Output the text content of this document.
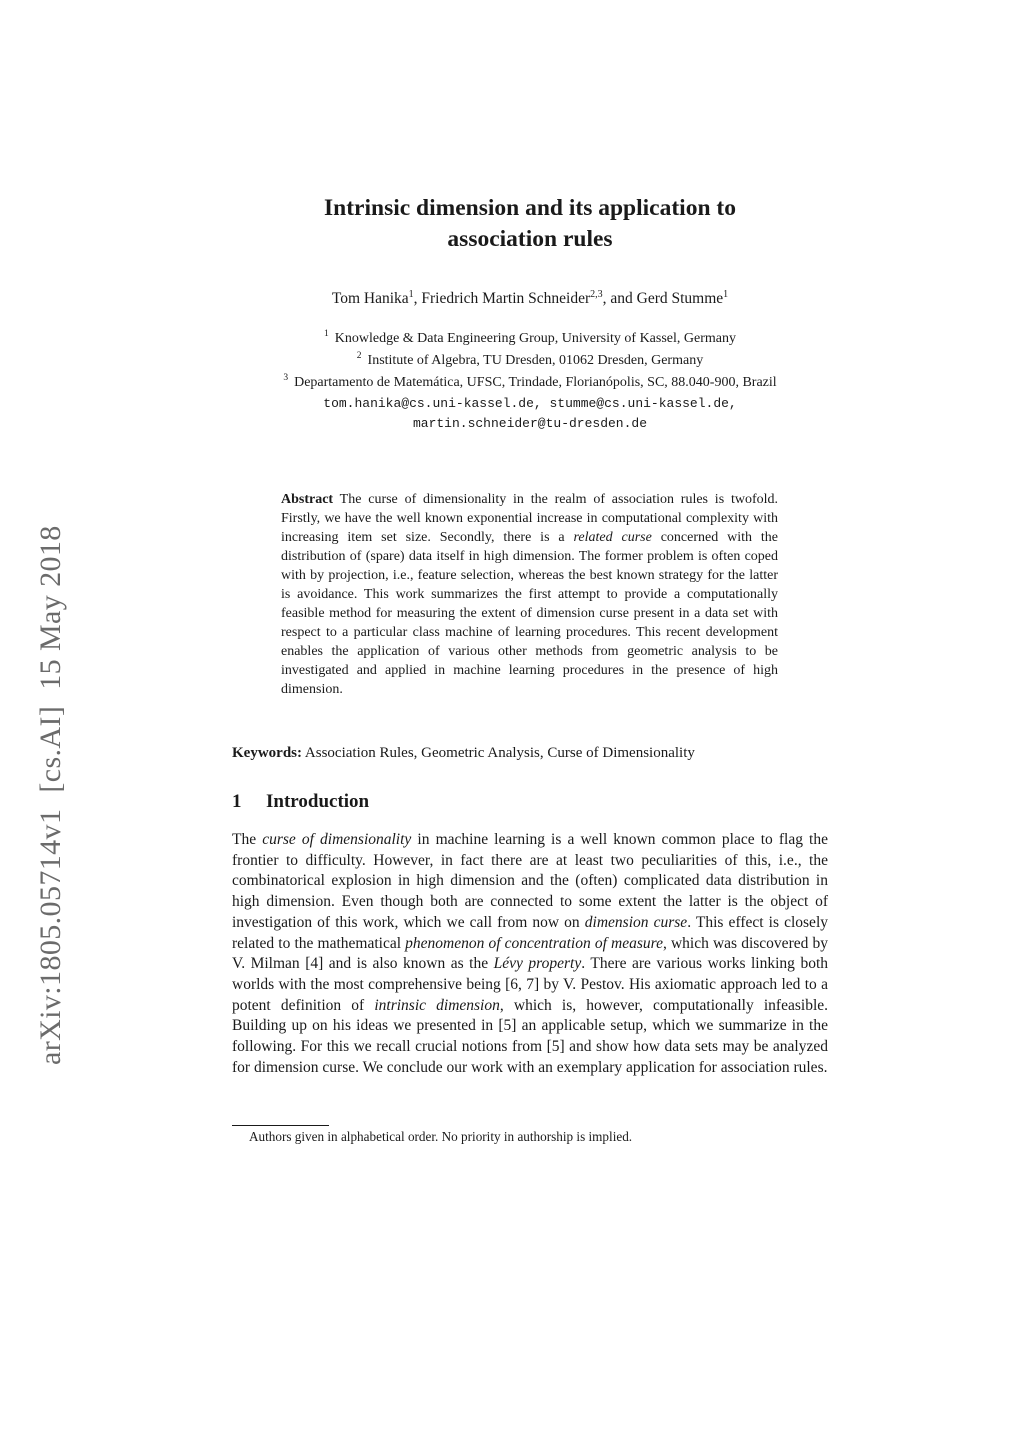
arXiv:1805.05714v1[cs.AI]15 May 2018
Intrinsic dimension and its application to
association rules
Tom Hanika$^1$, Friedrich Martin Schneider$^{2,3}$, and Gerd Stumme$^1$
$^1$ Knowledge & Data Engineering Group, University of Kassel, Germany
$^2$ Institute of Algebra, TU Dresden, 01062 Dresden, Germany
$^3$ Departamento de Matemática, UFSC, Trindade, Florianópolis, SC, 88.040-900, Brazil
tom.hanika@cs.uni-kassel.de, stumme@cs.uni-kassel.de,
martin.schneider@tu-dresden.de
Abstract The curse of dimensionality in the realm of association rules is twofold. Firstly, we have the well known exponential increase in computational complexity with increasing item set size. Secondly, there is a related curse concerned with the distribution of (spare) data itself in high dimension. The former problem is often coped with by projection, i.e., feature selection, whereas the best known strategy for the latter is avoidance. This work summarizes the first attempt to provide a computationally feasible method for measuring the extent of dimension curse present in a data set with respect to a particular class machine of learning procedures. This recent development enables the application of various other methods from geometric analysis to be investigated and applied in machine learning procedures in the presence of high dimension.
Keywords: Association Rules, Geometric Analysis, Curse of Dimensionality
1 Introduction
The curse of dimensionality in machine learning is a well known common place to flag the frontier to difficulty. However, in fact there are at least two peculiarities of this, i.e., the combinatorical explosion in high dimension and the (often) complicated data distribution in high dimension. Even though both are connected to some extent the latter is the object of investigation of this work, which we call from now on dimension curse. This effect is closely related to the mathematical phenomenon of concentration of measure, which was discovered by V. Milman [4] and is also known as the Lévy property. There are various works linking both worlds with the most comprehensive being [6, 7] by V. Pestov. His axiomatic approach led to a potent definition of intrinsic dimension, which is, however, computationally infeasible. Building up on his ideas we presented in [5] an applicable setup, which we summarize in the following. For this we recall crucial notions from [5] and show how data sets may be analyzed for dimension curse. We conclude our work with an exemplary application for association rules.
Authors given in alphabetical order. No priority in authorship is implied.
